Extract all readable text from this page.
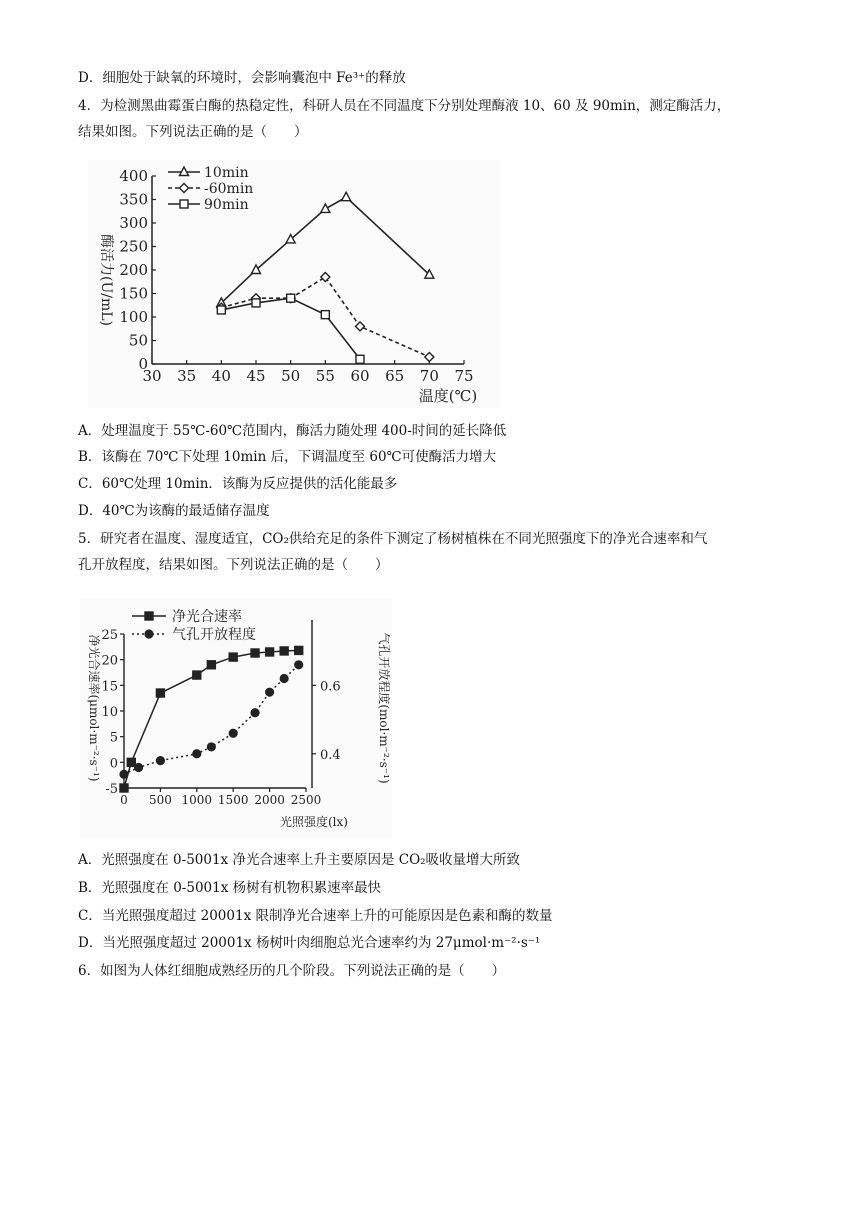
D．细胞处于缺氧的环境时，会影响囊泡中 Fe³⁺的释放
4．为检测黑曲霉蛋白酶的热稳定性，科研人员在不同温度下分别处理酶液 10、60 及 90min，测定酶活力，
结果如图。下列说法正确的是（　　）
30 35 40 45 50 55 60 65 70 75
0
50
100
150
200
250
300
350
400
温度(℃)
酶活力(U/mL)
10min
-60min
90min
A．处理温度于 55℃-60℃范围内，酶活力随处理 400-时间的延长降低
B．该酶在 70℃下处理 10min 后，下调温度至 60℃可使酶活力增大
C．60℃处理 10min．该酶为反应提供的活化能最多
D．40℃为该酶的最适储存温度
5．研究者在温度、湿度适宜，CO₂供给充足的条件下测定了杨树植株在不同光照强度下的净光合速率和气
孔开放程度，结果如图。下列说法正确的是（　　）
0 500 1000 1500 2000 2500
-5
0
5
10
15
20
25
0.4
0.6
光照强度(lx)
净光合速率(μmol·m⁻²·s⁻¹)	气孔开放程度(mol·m⁻²·s⁻¹)
净光合速率
气孔开放程度
A．光照强度在 0-5001x 净光合速率上升主要原因是 CO₂吸收量增大所致
B．光照强度在 0-5001x 杨树有机物积累速率最快
C．当光照强度超过 20001x 限制净光合速率上升的可能原因是色素和酶的数量
D．当光照强度超过 20001x 杨树叶肉细胞总光合速率约为 27μmol·m⁻²·s⁻¹
6．如图为人体红细胞成熟经历的几个阶段。下列说法正确的是（　　）
